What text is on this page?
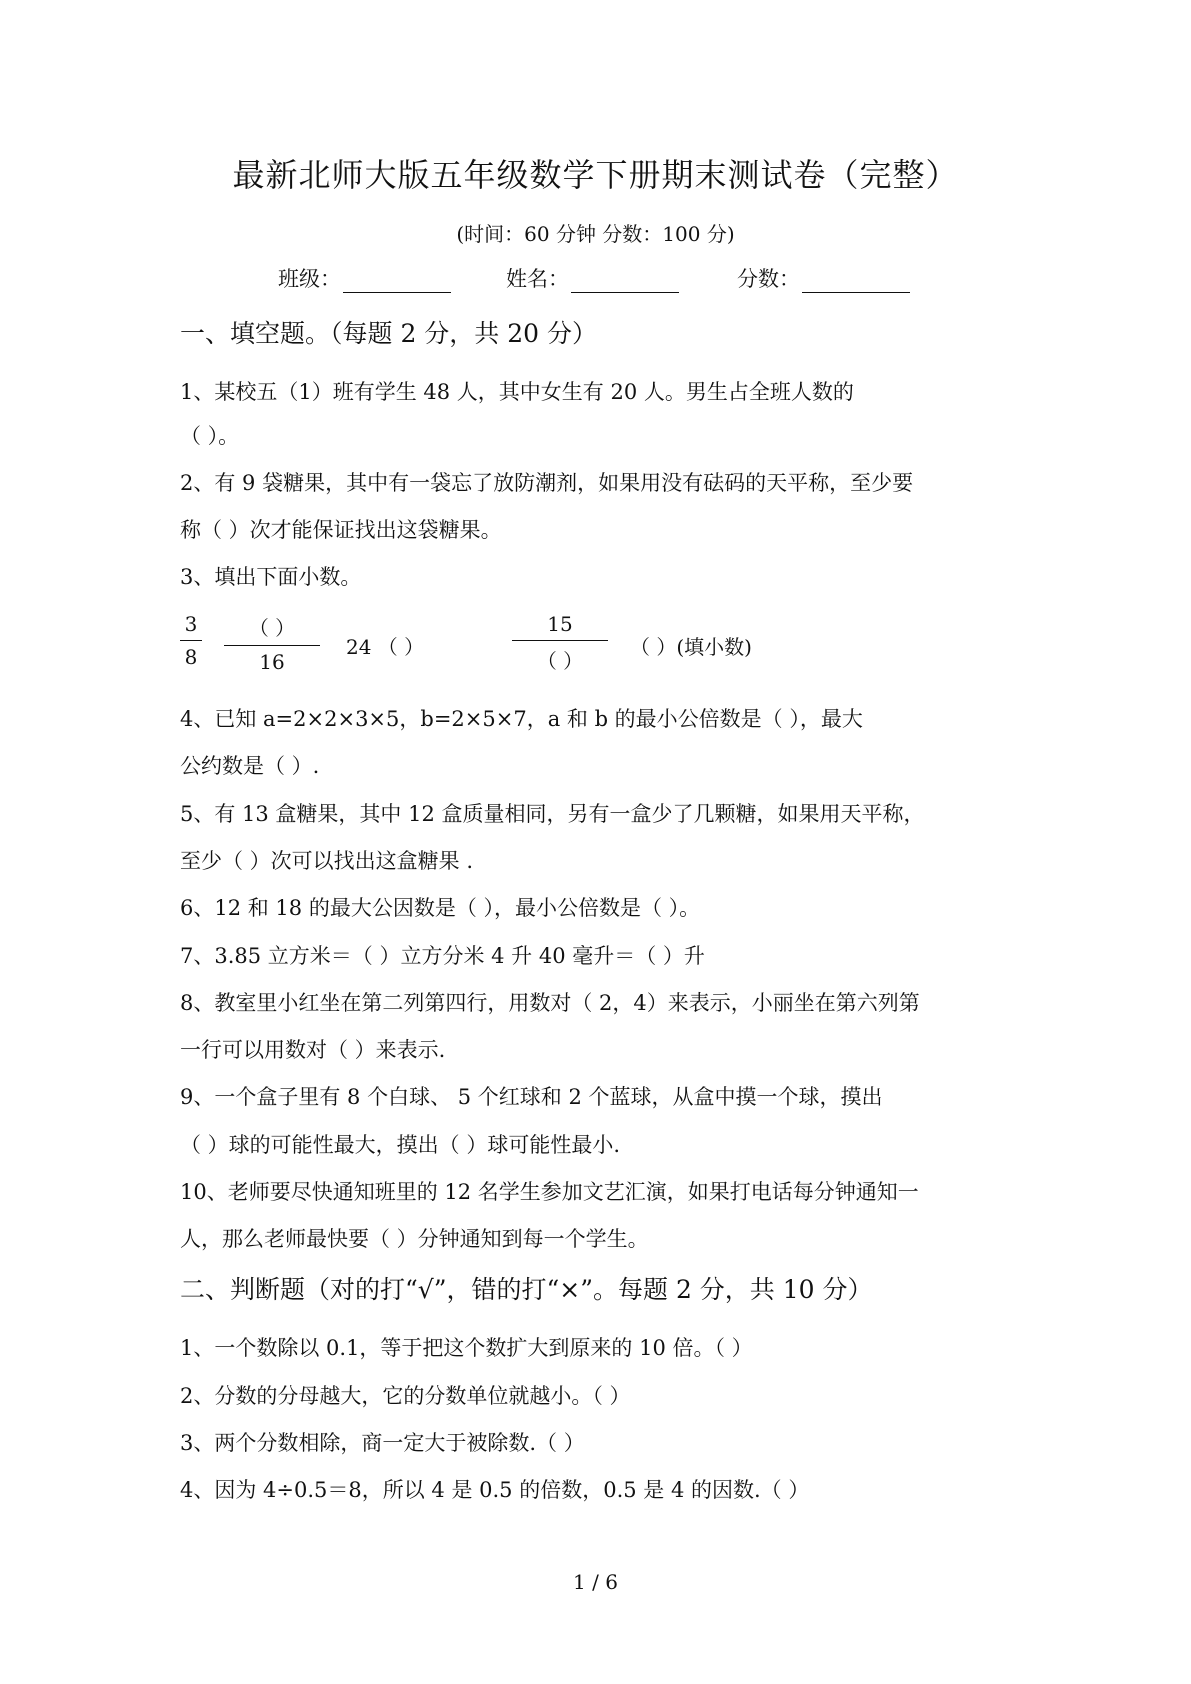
最新北师大版五年级数学下册期末测试卷（完整）
(时间：60 分钟 分数：100 分)
班级：	姓名：	分数：
一、填空题。（每题 2 分，共 20 分）
1、某校五（1）班有学生 48 人，其中女生有 20 人。男生占全班人数的
（ ）。
2、有 9 袋糖果，其中有一袋忘了放防潮剂，如果用没有砝码的天平称，至少要
称（ ）次才能保证找出这袋糖果。
3、填出下面小数。
3
8
（ ）
16
24 （ ）
15
（ ）
（ ）(填小数)
4、已知 a=2×2×3×5，b=2×5×7，a 和 b 的最小公倍数是（ ），最大
公约数是（ ）.
5、有 13 盒糖果，其中 12 盒质量相同，另有一盒少了几颗糖，如果用天平称，
至少（ ）次可以找出这盒糖果 .
6、12 和 18 的最大公因数是（ ），最小公倍数是（ ）。
7、3.85 立方米＝（ ）立方分米 4 升 40 毫升＝（ ）升
8、教室里小红坐在第二列第四行，用数对（ 2，4）来表示，小丽坐在第六列第
一行可以用数对（ ）来表示.
9、一个盒子里有 8 个白球、 5 个红球和 2 个蓝球，从盒中摸一个球，摸出
（ ）球的可能性最大，摸出（ ）球可能性最小.
10、老师要尽快通知班里的 12 名学生参加文艺汇演，如果打电话每分钟通知一
人，那么老师最快要（ ）分钟通知到每一个学生。
二、判断题（对的打“√”，错的打“×”。每题 2 分，共 10 分）
1、一个数除以 0.1，等于把这个数扩大到原来的 10 倍。（ ）
2、分数的分母越大，它的分数单位就越小。（ ）
3、两个分数相除，商一定大于被除数.（ ）
4、因为 4÷0.5＝8，所以 4 是 0.5 的倍数，0.5 是 4 的因数.（ ）
1 / 6
